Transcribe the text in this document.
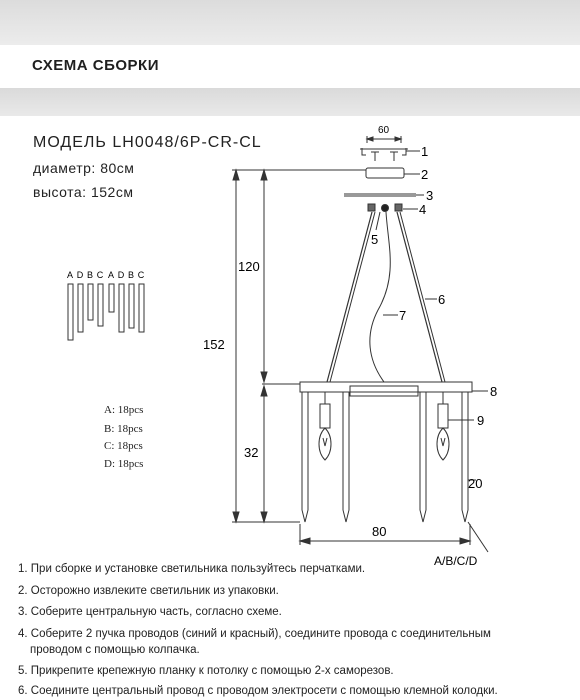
СХЕМА СБОРКИ
МОДЕЛЬ LH0048/6P-CR-CL
диаметр: 80см
высота: 152см
A D B C A D B C
120
152
32
60
80
1
2
3
4
5
6
7
8
9
20
A/B/C/D
A: 18pcs
B: 18pcs
C: 18pcs
D: 18pcs
1. При сборке и установке светильника пользуйтесь перчатками.
2. Осторожно извлеките светильник из упаковки.
3. Соберите центральную часть, согласно схеме.
4. Соберите 2 пучка проводов (синий и красный), соедините провода с соединительным
проводом с помощью колпачка.
5. Прикрепите крепежную планку к потолку с помощью 2-х саморезов.
6. Соедините центральный провод с проводом электросети с помощью клемной колодки.
